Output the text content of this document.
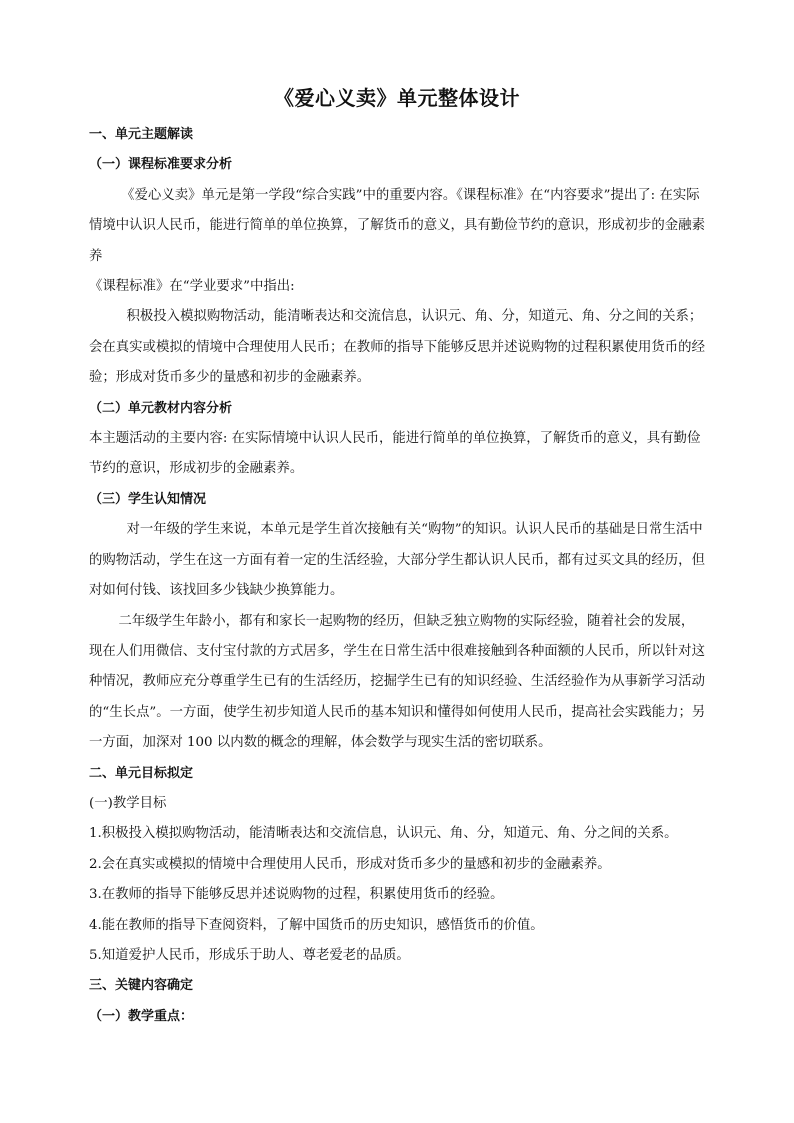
《爱心义卖》单元整体设计

一、单元主题解读

（一）课程标准要求分析

《爱心义卖》单元是第一学段“综合实践”中的重要内容。《课程标准》在“内容要求”提出了: 在实际情境中认识人民币，能进行简单的单位换算，了解货币的意义，具有勤俭节约的意识，形成初步的金融素养

《课程标准》在“学业要求”中指出:

积极投入模拟购物活动，能清晰表达和交流信息，认识元、角、分，知道元、角、分之间的关系；会在真实或模拟的情境中合理使用人民币；在教师的指导下能够反思并述说购物的过程积累使用货币的经验；形成对货币多少的量感和初步的金融素养。

（二）单元教材内容分析

本主题活动的主要内容: 在实际情境中认识人民币，能进行简单的单位换算，了解货币的意义，具有勤俭节约的意识，形成初步的金融素养。

（三）学生认知情况

对一年级的学生来说，本单元是学生首次接触有关“购物”的知识。认识人民币的基础是日常生活中的购物活动，学生在这一方面有着一定的生活经验，大部分学生都认识人民币，都有过买文具的经历，但对如何付钱、该找回多少钱缺少换算能力。

二年级学生年龄小，都有和家长一起购物的经历，但缺乏独立购物的实际经验，随着社会的发展，现在人们用微信、支付宝付款的方式居多，学生在日常生活中很难接触到各种面额的人民币，所以针对这种情况，教师应充分尊重学生已有的生活经历，挖掘学生已有的知识经验、生活经验作为从事新学习活动的“生长点”。一方面，使学生初步知道人民币的基本知识和懂得如何使用人民币，提高社会实践能力；另一方面，加深对 100 以内数的概念的理解，体会数学与现实生活的密切联系。

二、单元目标拟定

(一)教学目标

1.积极投入模拟购物活动，能清晰表达和交流信息，认识元、角、分，知道元、角、分之间的关系。

2.会在真实或模拟的情境中合理使用人民币，形成对货币多少的量感和初步的金融素养。

3.在教师的指导下能够反思并述说购物的过程，积累使用货币的经验。

4.能在教师的指导下查阅资料，了解中国货币的历史知识，感悟货币的价值。

5.知道爱护人民币，形成乐于助人、尊老爱老的品质。

三、关键内容确定

（一）教学重点：
